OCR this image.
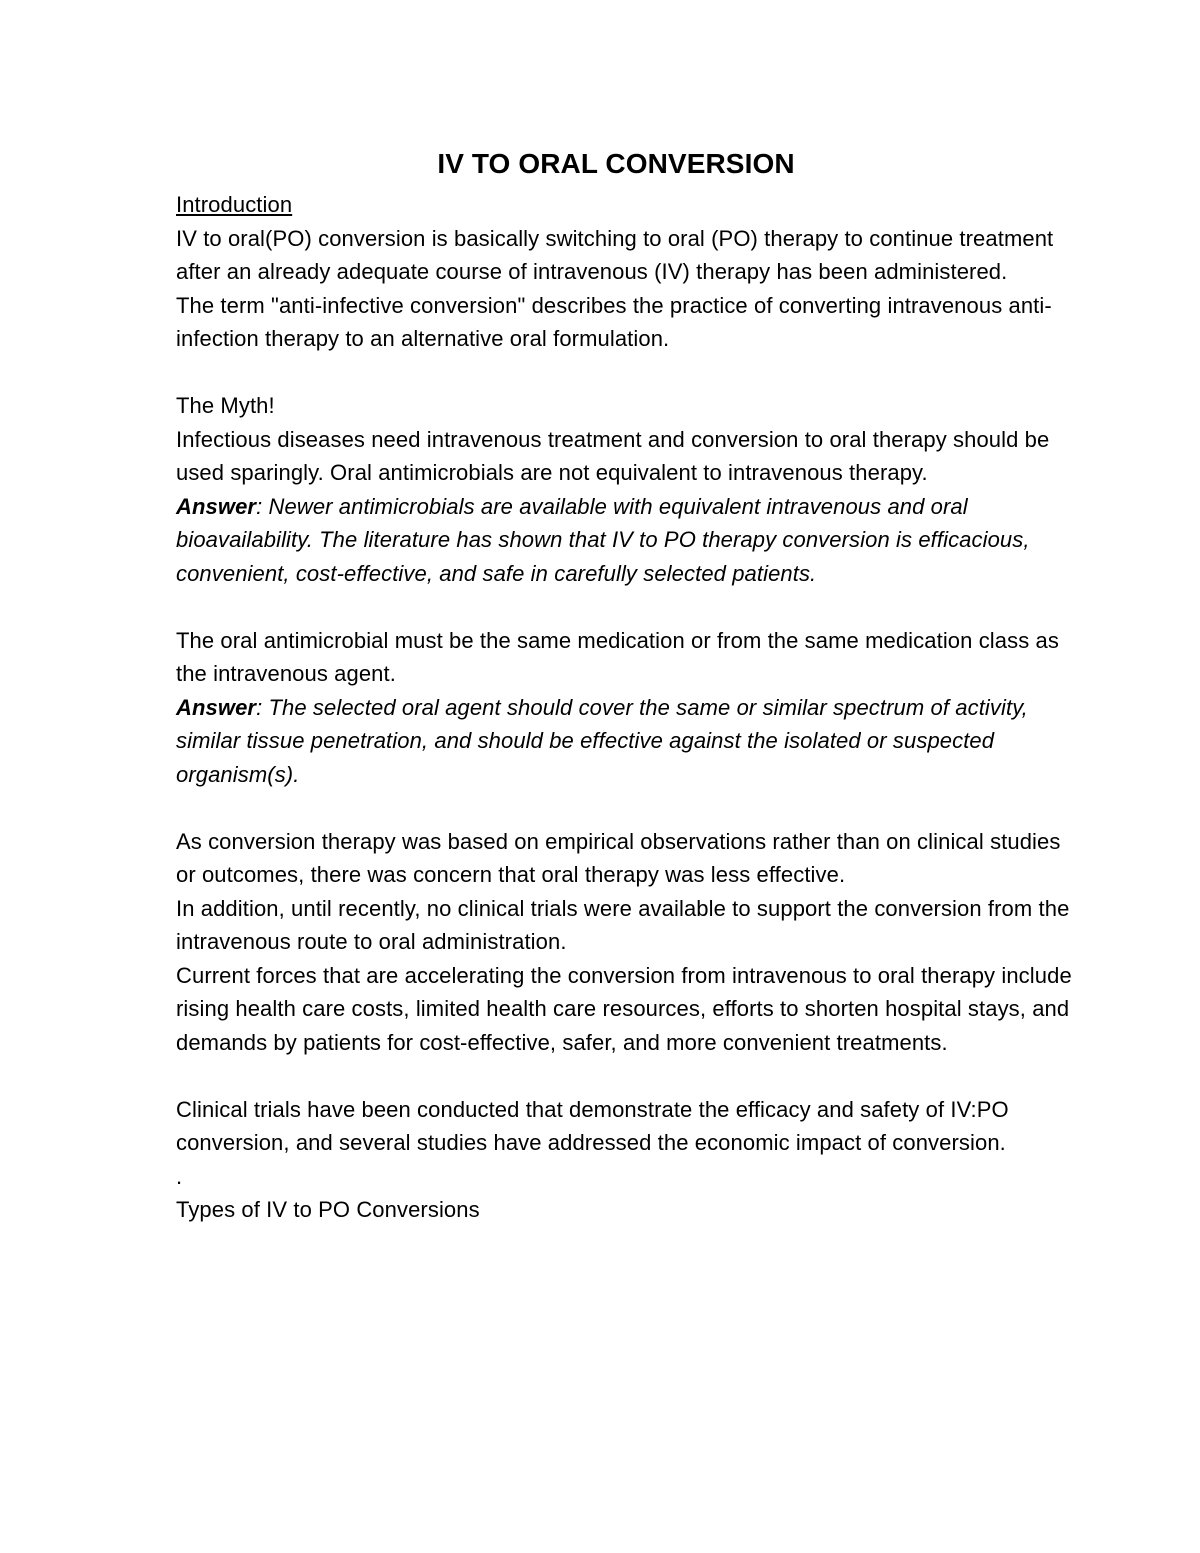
IV TO ORAL CONVERSION

Introduction

IV to oral(PO) conversion is basically switching to oral (PO) therapy to continue treatment after an already adequate course of intravenous (IV) therapy has been administered.

The term "anti-infective conversion" describes the practice of converting intravenous anti-infection therapy to an alternative oral formulation.

The Myth!

Infectious diseases need intravenous treatment and conversion to oral therapy should be used sparingly. Oral antimicrobials are not equivalent to intravenous therapy.

Answer: Newer antimicrobials are available with equivalent intravenous and oral bioavailability. The literature has shown that IV to PO therapy conversion is efficacious, convenient, cost-effective, and safe in carefully selected patients.

The oral antimicrobial must be the same medication or from the same medication class as the intravenous agent.

Answer: The selected oral agent should cover the same or similar spectrum of activity, similar tissue penetration, and should be effective against the isolated or suspected organism(s).

As conversion therapy was based on empirical observations rather than on clinical studies or outcomes, there was concern that oral therapy was less effective.

In addition, until recently, no clinical trials were available to support the conversion from the intravenous route to oral administration.

Current forces that are accelerating the conversion from intravenous to oral therapy include rising health care costs, limited health care resources, efforts to shorten hospital stays, and demands by patients for cost-effective, safer, and more convenient treatments.

Clinical trials have been conducted that demonstrate the efficacy and safety of IV:PO conversion, and several studies have addressed the economic impact of conversion.

.

Types of IV to PO Conversions
